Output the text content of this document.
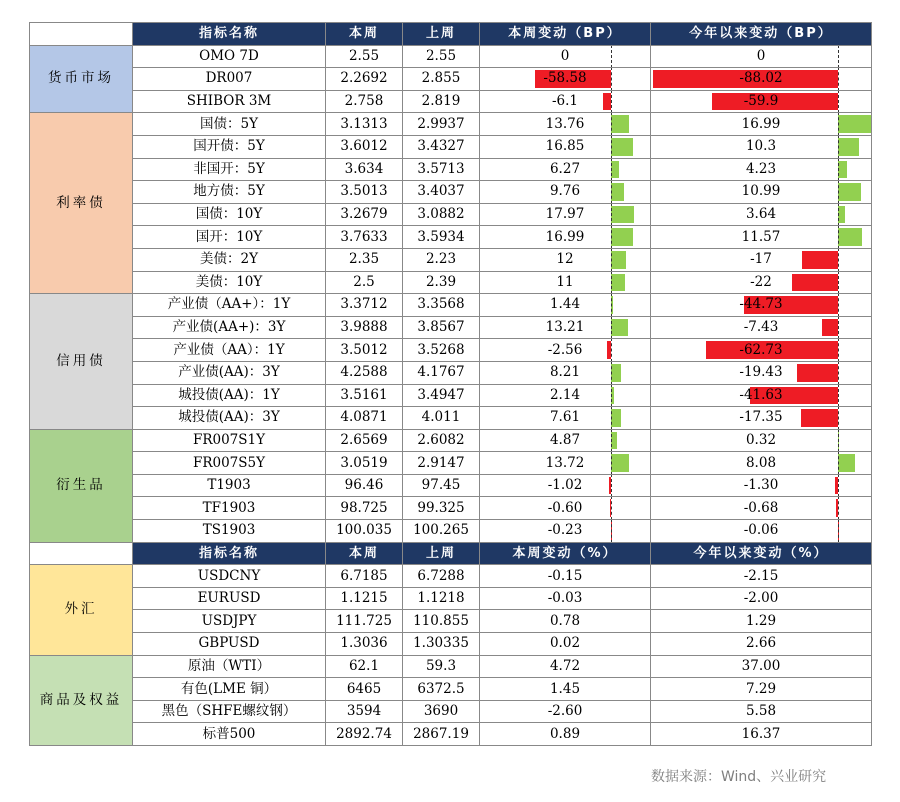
	指标名称	本周	上周	本周变动（BP）	今年以来变动（BP）
货币市场	OMO 7D	2.55	2.55	0	0
	DR007	2.2692	2.855	-58.58	-88.02
	SHIBOR 3M	2.758	2.819	-6.1	-59.9
利率债	国债：5Y	3.1313	2.9937	13.76	16.99
	国开债：5Y	3.6012	3.4327	16.85	10.3
	非国开：5Y	3.634	3.5713	6.27	4.23
	地方债：5Y	3.5013	3.4037	9.76	10.99
	国债：10Y	3.2679	3.0882	17.97	3.64
	国开：10Y	3.7633	3.5934	16.99	11.57
	美债：2Y	2.35	2.23	12	-17
	美债：10Y	2.5	2.39	11	-22
信用债	产业债（AA+）：1Y	3.3712	3.3568	1.44	-44.73
	产业债(AA+)：3Y	3.9888	3.8567	13.21	-7.43
	产业债（AA）：1Y	3.5012	3.5268	-2.56	-62.73
	产业债(AA)：3Y	4.2588	4.1767	8.21	-19.43
	城投债(AA)：1Y	3.5161	3.4947	2.14	-41.63
	城投债(AA)：3Y	4.0871	4.011	7.61	-17.35
衍生品	FR007S1Y	2.6569	2.6082	4.87	0.32
	FR007S5Y	3.0519	2.9147	13.72	8.08
	T1903	96.46	97.45	-1.02	-1.30
	TF1903	98.725	99.325	-0.60	-0.68
	TS1903	100.035	100.265	-0.23	-0.06
	指标名称	本周	上周	本周变动（%）	今年以来变动（%）
外汇	USDCNY	6.7185	6.7288	-0.15	-2.15
	EURUSD	1.1215	1.1218	-0.03	-2.00
	USDJPY	111.725	110.855	0.78	1.29
	GBPUSD	1.3036	1.30335	0.02	2.66
商品及权益	原油（WTI）	62.1	59.3	4.72	37.00
	有色(LME 铜）	6465	6372.5	1.45	7.29
	黑色（SHFE螺纹钢）	3594	3690	-2.60	5.58
	标普500	2892.74	2867.19	0.89	16.37
数据来源：Wind、兴业研究
